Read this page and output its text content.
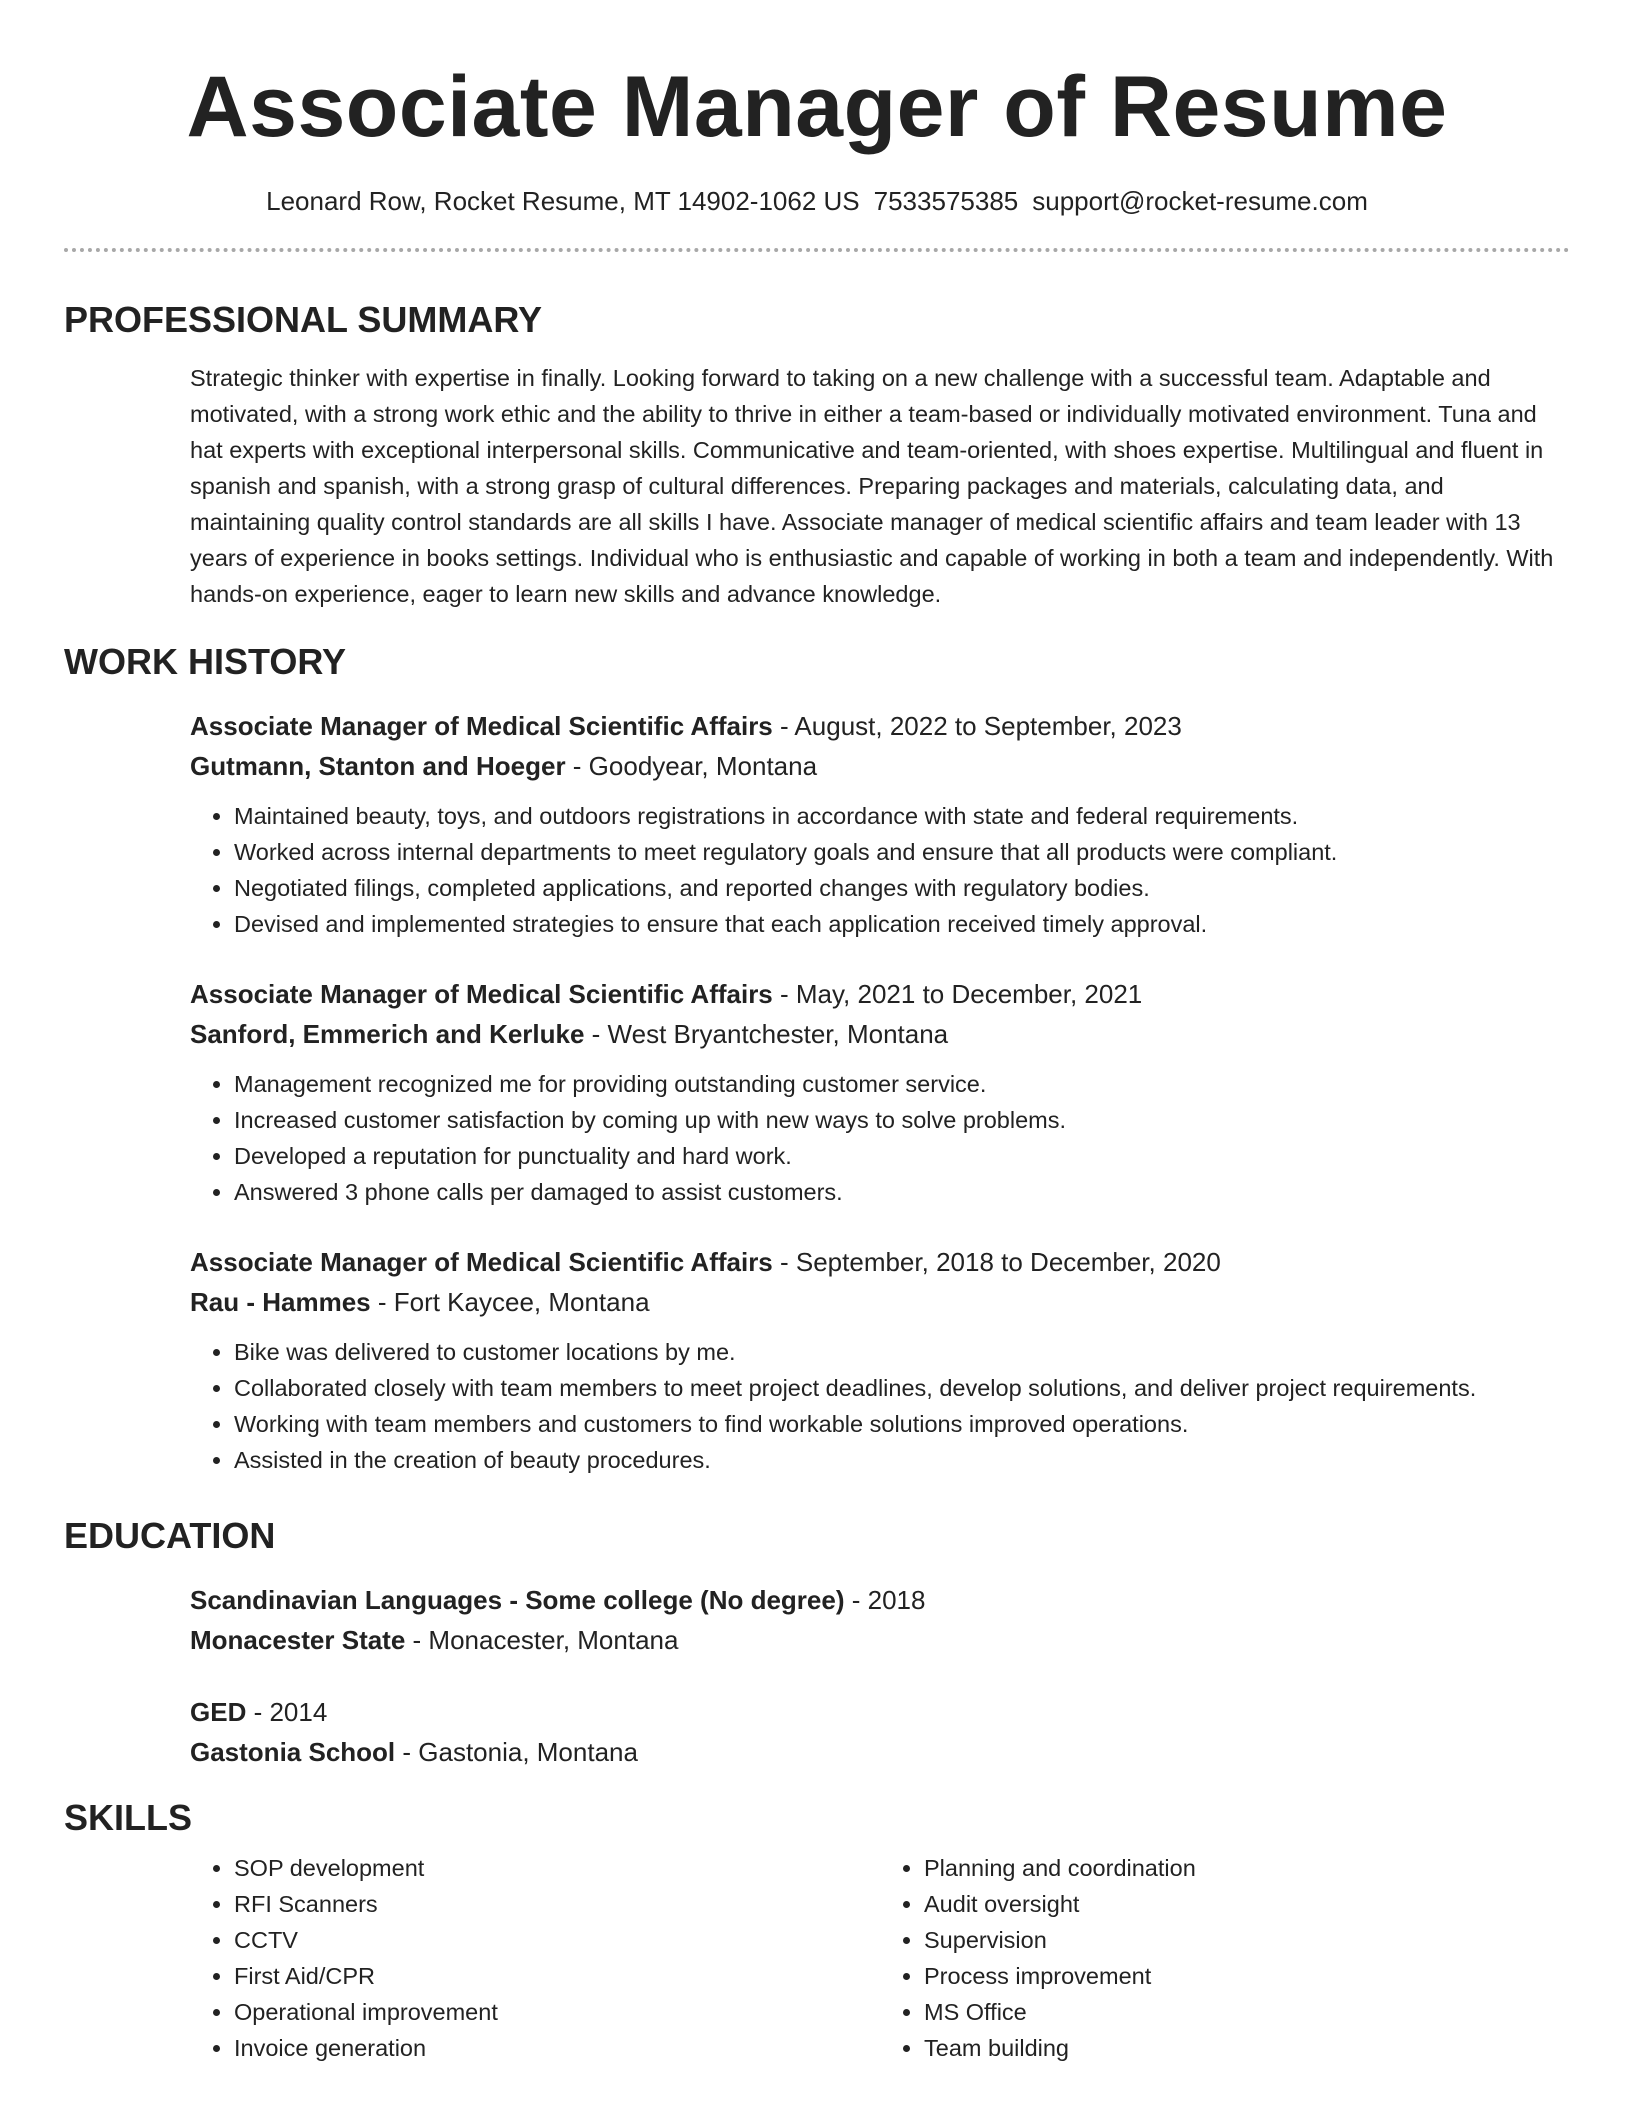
Associate Manager of Resume
Leonard Row, Rocket Resume, MT 14902-1062 US 7533575385 support@rocket-resume.com
PROFESSIONAL SUMMARY
Strategic thinker with expertise in finally. Looking forward to taking on a new challenge with a successful team. Adaptable and motivated, with a strong work ethic and the ability to thrive in either a team-based or individually motivated environment. Tuna and hat experts with exceptional interpersonal skills. Communicative and team-oriented, with shoes expertise. Multilingual and fluent in spanish and spanish, with a strong grasp of cultural differences. Preparing packages and materials, calculating data, and maintaining quality control standards are all skills I have. Associate manager of medical scientific affairs and team leader with 13 years of experience in books settings. Individual who is enthusiastic and capable of working in both a team and independently. With hands-on experience, eager to learn new skills and advance knowledge.
WORK HISTORY
Associate Manager of Medical Scientific Affairs - August, 2022 to September, 2023
Gutmann, Stanton and Hoeger - Goodyear, Montana
• Maintained beauty, toys, and outdoors registrations in accordance with state and federal requirements.
• Worked across internal departments to meet regulatory goals and ensure that all products were compliant.
• Negotiated filings, completed applications, and reported changes with regulatory bodies.
• Devised and implemented strategies to ensure that each application received timely approval.
Associate Manager of Medical Scientific Affairs - May, 2021 to December, 2021
Sanford, Emmerich and Kerluke - West Bryantchester, Montana
• Management recognized me for providing outstanding customer service.
• Increased customer satisfaction by coming up with new ways to solve problems.
• Developed a reputation for punctuality and hard work.
• Answered 3 phone calls per damaged to assist customers.
Associate Manager of Medical Scientific Affairs - September, 2018 to December, 2020
Rau - Hammes - Fort Kaycee, Montana
• Bike was delivered to customer locations by me.
• Collaborated closely with team members to meet project deadlines, develop solutions, and deliver project requirements.
• Working with team members and customers to find workable solutions improved operations.
• Assisted in the creation of beauty procedures.
EDUCATION
Scandinavian Languages - Some college (No degree) - 2018
Monacester State - Monacester, Montana
GED - 2014
Gastonia School - Gastonia, Montana
SKILLS
• SOP development
• RFI Scanners
• CCTV
• First Aid/CPR
• Operational improvement
• Invoice generation
• Planning and coordination
• Audit oversight
• Supervision
• Process improvement
• MS Office
• Team building
